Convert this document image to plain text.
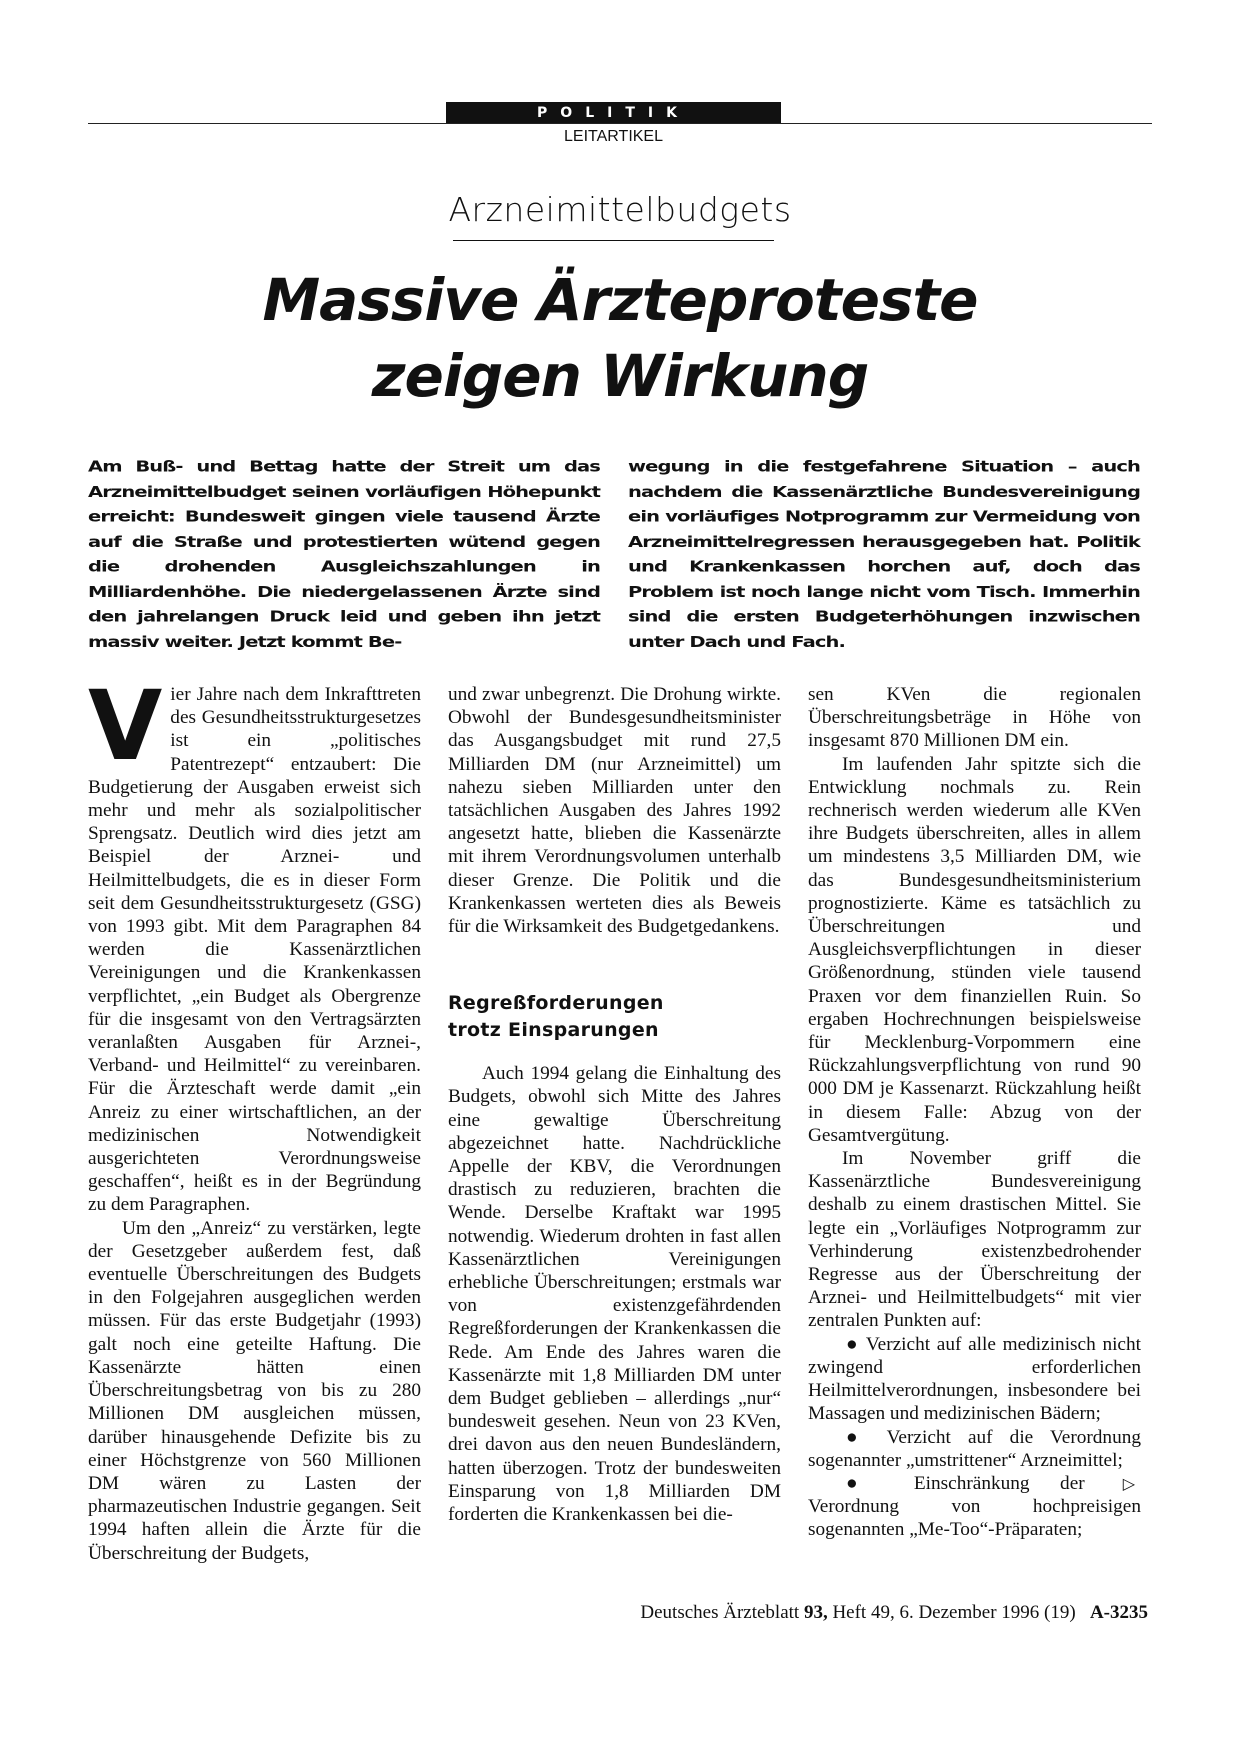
POLITIK
LEITARTIKEL
Arzneimittelbudgets
Massive Ärzteproteste
zeigen Wirkung
Am Buß- und Bettag hatte der Streit um das Arzneimittelbudget seinen vorläufigen Höhepunkt erreicht: Bundesweit gingen viele tausend Ärzte auf die Straße und protestierten wütend gegen die drohenden Ausgleichszahlungen in Milliardenhöhe. Die niedergelassenen Ärzte sind den jahrelangen Druck leid und geben ihn jetzt massiv weiter. Jetzt kommt Be-
wegung in die festgefahrene Situation – auch nachdem die Kassenärztliche Bundesvereinigung ein vorläufiges Notprogramm zur Vermeidung von Arzneimittelregressen herausgegeben hat. Politik und Krankenkassen horchen auf, doch das Problem ist noch lange nicht vom Tisch. Immerhin sind die ersten Budgeterhöhungen inzwischen unter Dach und Fach.

Vier Jahre nach dem Inkrafttreten des Gesundheitsstrukturgesetzes ist ein „politisches Patentrezept“ entzaubert: Die Budgetierung der Ausgaben erweist sich mehr und mehr als sozialpolitischer Sprengsatz. Deutlich wird dies jetzt am Beispiel der Arznei- und Heilmittelbudgets, die es in dieser Form seit dem Gesundheitsstrukturgesetz (GSG) von 1993 gibt. Mit dem Paragraphen 84 werden die Kassenärztlichen Vereinigungen und die Krankenkassen verpflichtet, „ein Budget als Obergrenze für die insgesamt von den Vertragsärzten veranlaßten Ausgaben für Arznei-, Verband- und Heilmittel“ zu vereinbaren. Für die Ärzteschaft werde damit „ein Anreiz zu einer wirtschaftlichen, an der medizinischen Notwendigkeit ausgerichteten Verordnungsweise geschaffen“, heißt es in der Begründung zu dem Paragraphen.

Um den „Anreiz“ zu verstärken, legte der Gesetzgeber außerdem fest, daß eventuelle Überschreitungen des Budgets in den Folgejahren ausgeglichen werden müssen. Für das erste Budgetjahr (1993) galt noch eine geteilte Haftung. Die Kassenärzte hätten einen Überschreitungsbetrag von bis zu 280 Millionen DM ausgleichen müssen, darüber hinausgehende Defizite bis zu einer Höchstgrenze von 560 Millionen DM wären zu Lasten der pharmazeutischen Industrie gegangen. Seit 1994 haften allein die Ärzte für die Überschreitung der Budgets,

und zwar unbegrenzt. Die Drohung wirkte. Obwohl der Bundesgesundheitsminister das Ausgangsbudget mit rund 27,5 Milliarden DM (nur Arzneimittel) um nahezu sieben Milliarden unter den tatsächlichen Ausgaben des Jahres 1992 angesetzt hatte, blieben die Kassenärzte mit ihrem Verordnungsvolumen unterhalb dieser Grenze. Die Politik und die Krankenkassen werteten dies als Beweis für die Wirksamkeit des Budgetgedankens.

Regreßforderungen
trotz Einsparungen

Auch 1994 gelang die Einhaltung des Budgets, obwohl sich Mitte des Jahres eine gewaltige Überschreitung abgezeichnet hatte. Nachdrückliche Appelle der KBV, die Verordnungen drastisch zu reduzieren, brachten die Wende. Derselbe Kraftakt war 1995 notwendig. Wiederum drohten in fast allen Kassenärztlichen Vereinigungen erhebliche Überschreitungen; erstmals war von existenzgefährdenden Regreßforderungen der Krankenkassen die Rede. Am Ende des Jahres waren die Kassenärzte mit 1,8 Milliarden DM unter dem Budget geblieben – allerdings „nur“ bundesweit gesehen. Neun von 23 KVen, drei davon aus den neuen Bundesländern, hatten überzogen. Trotz der bundesweiten Einsparung von 1,8 Milliarden DM forderten die Krankenkassen bei die-

sen KVen die regionalen Überschreitungsbeträge in Höhe von insgesamt 870 Millionen DM ein.

Im laufenden Jahr spitzte sich die Entwicklung nochmals zu. Rein rechnerisch werden wiederum alle KVen ihre Budgets überschreiten, alles in allem um mindestens 3,5 Milliarden DM, wie das Bundesgesundheitsministerium prognostizierte. Käme es tatsächlich zu Überschreitungen und Ausgleichsverpflichtungen in dieser Größenordnung, stünden viele tausend Praxen vor dem finanziellen Ruin. So ergaben Hochrechnungen beispielsweise für Mecklenburg-Vorpommern eine Rückzahlungsverpflichtung von rund 90 000 DM je Kassenarzt. Rückzahlung heißt in diesem Falle: Abzug von der Gesamtvergütung.

Im November griff die Kassenärztliche Bundesvereinigung deshalb zu einem drastischen Mittel. Sie legte ein „Vorläufiges Notprogramm zur Verhinderung existenzbedrohender Regresse aus der Überschreitung der Arznei- und Heilmittelbudgets“ mit vier zentralen Punkten auf:

● Verzicht auf alle medizinisch nicht zwingend erforderlichen Heilmittelverordnungen, insbesondere bei Massagen und medizinischen Bädern;

● Verzicht auf die Verordnung sogenannter „umstrittener“ Arzneimittel;

▷
● Einschränkung der Verordnung von hochpreisigen sogenannten „Me-Too“-Präparaten;

Deutsches Ärzteblatt 93, Heft 49, 6. Dezember 1996 (19) A-3235
